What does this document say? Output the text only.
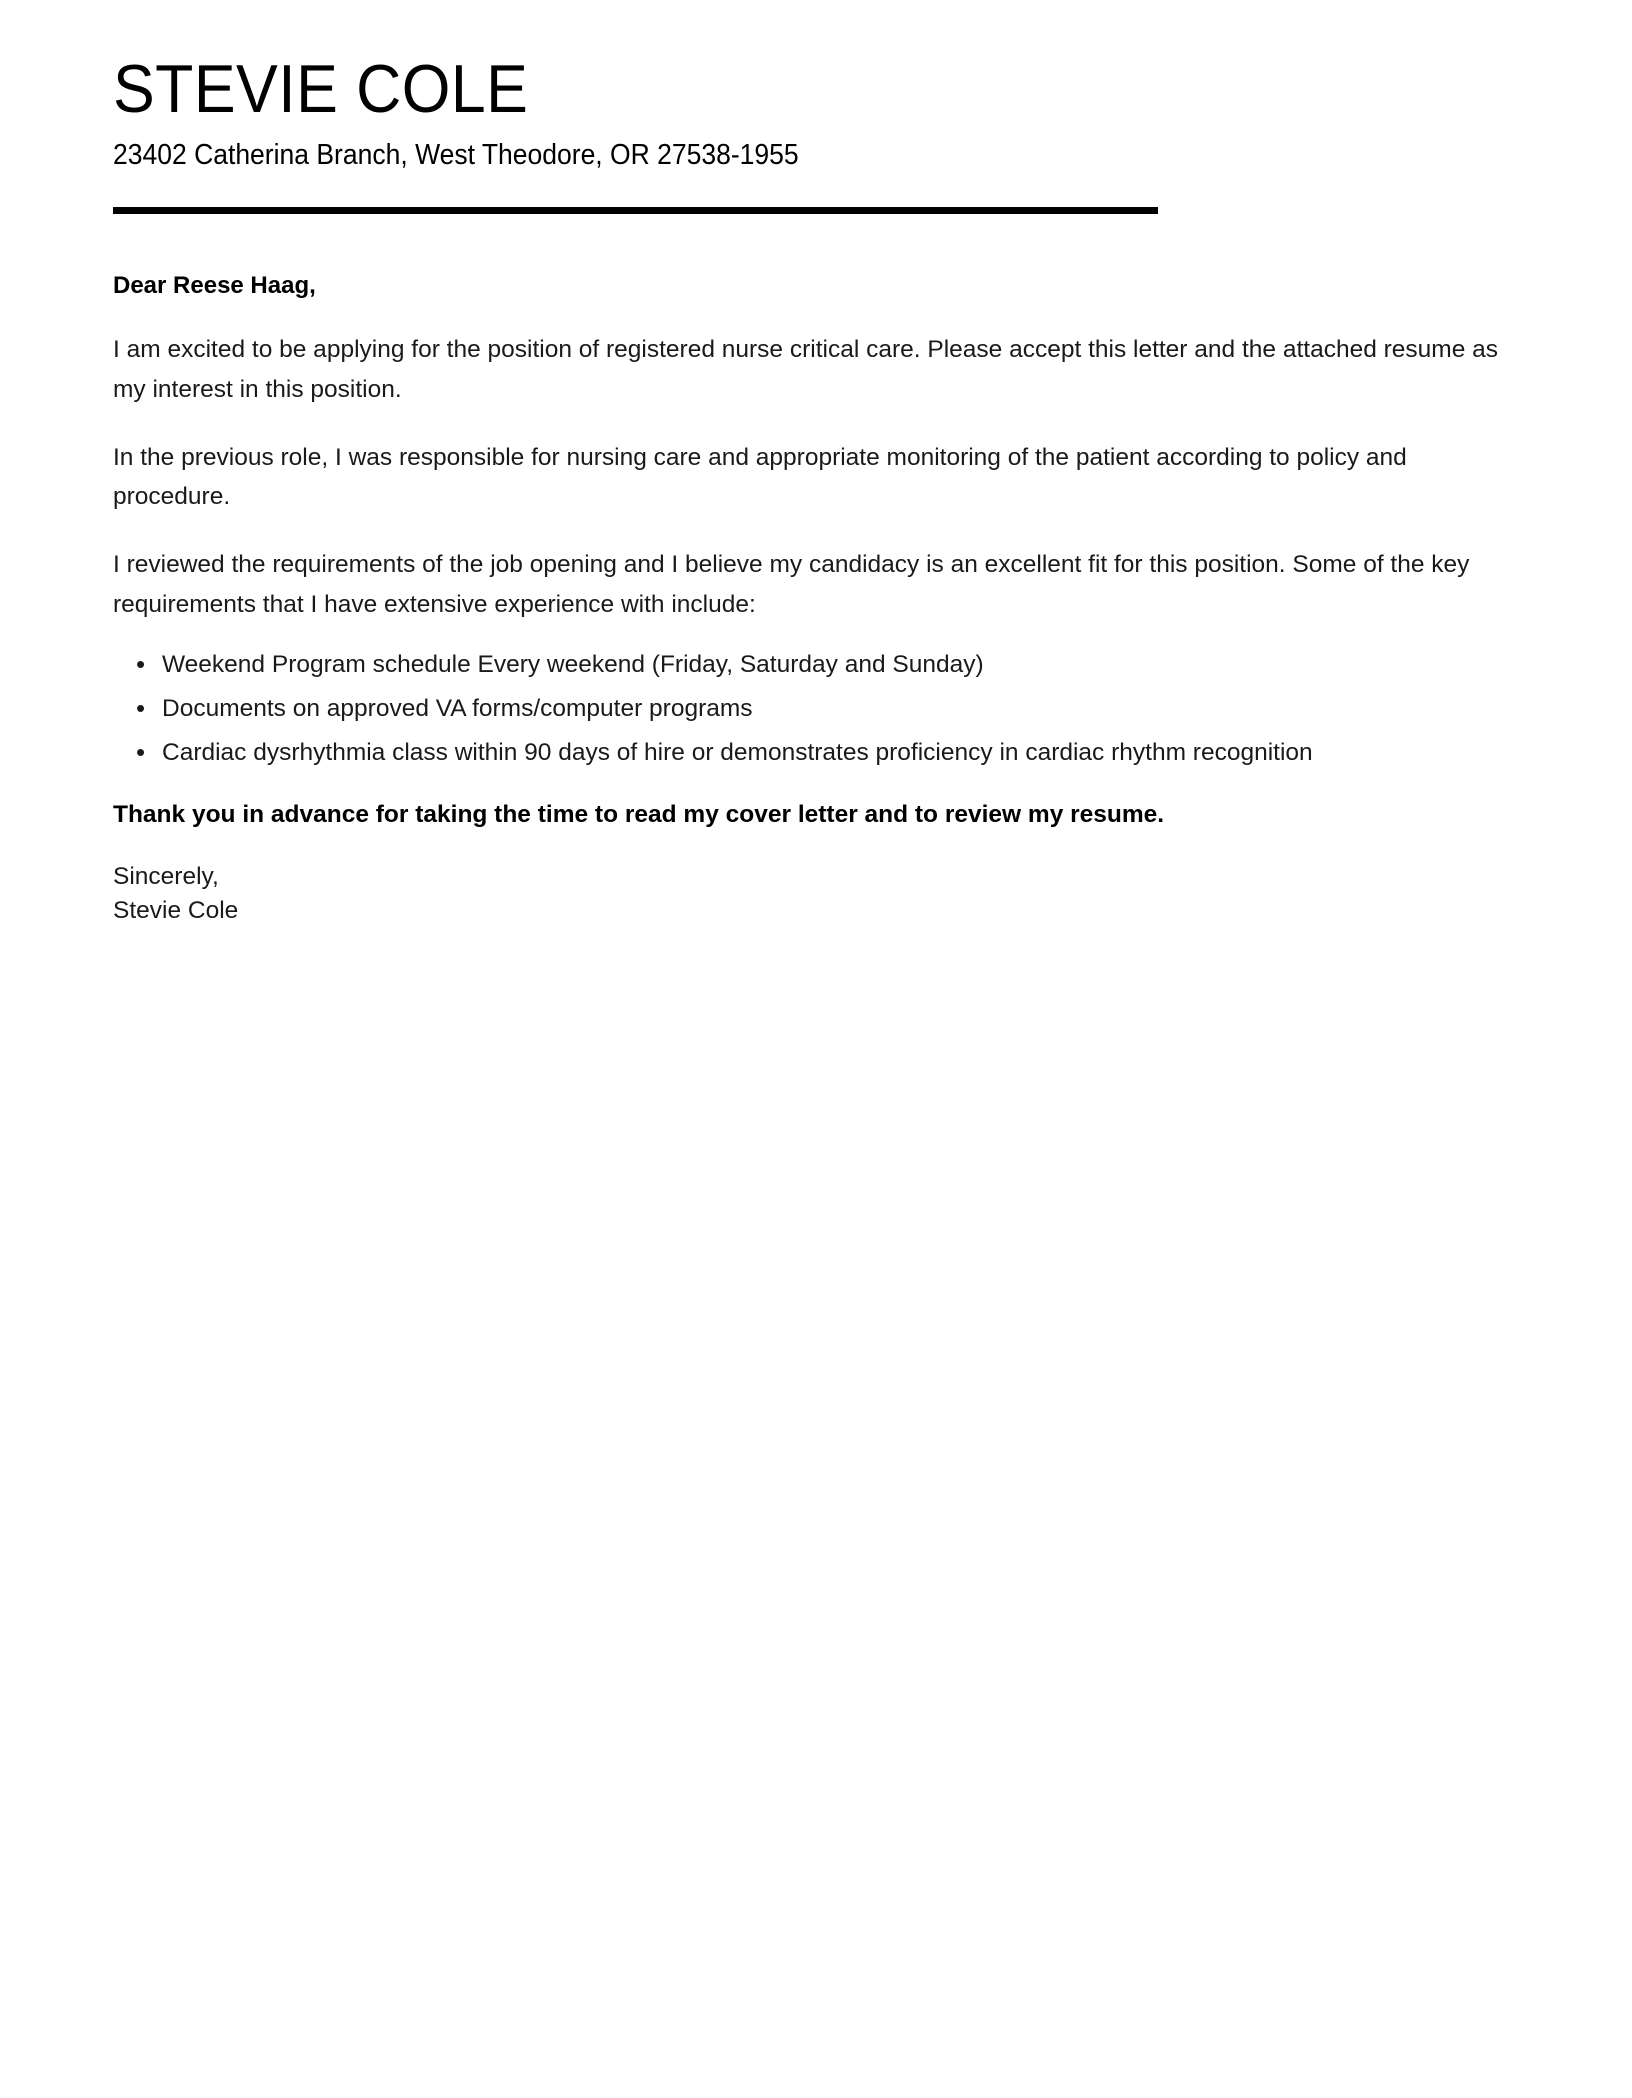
STEVIE COLE

23402 Catherina Branch, West Theodore, OR 27538-1955

Dear Reese Haag,

I am excited to be applying for the position of registered nurse critical care. Please accept this letter and the attached resume as my interest in this position.

In the previous role, I was responsible for nursing care and appropriate monitoring of the patient according to policy and procedure.

I reviewed the requirements of the job opening and I believe my candidacy is an excellent fit for this position. Some of the key requirements that I have extensive experience with include:

• Weekend Program schedule Every weekend (Friday, Saturday and Sunday)
• Documents on approved VA forms/computer programs
• Cardiac dysrhythmia class within 90 days of hire or demonstrates proficiency in cardiac rhythm recognition

Thank you in advance for taking the time to read my cover letter and to review my resume.

Sincerely,

Stevie Cole
